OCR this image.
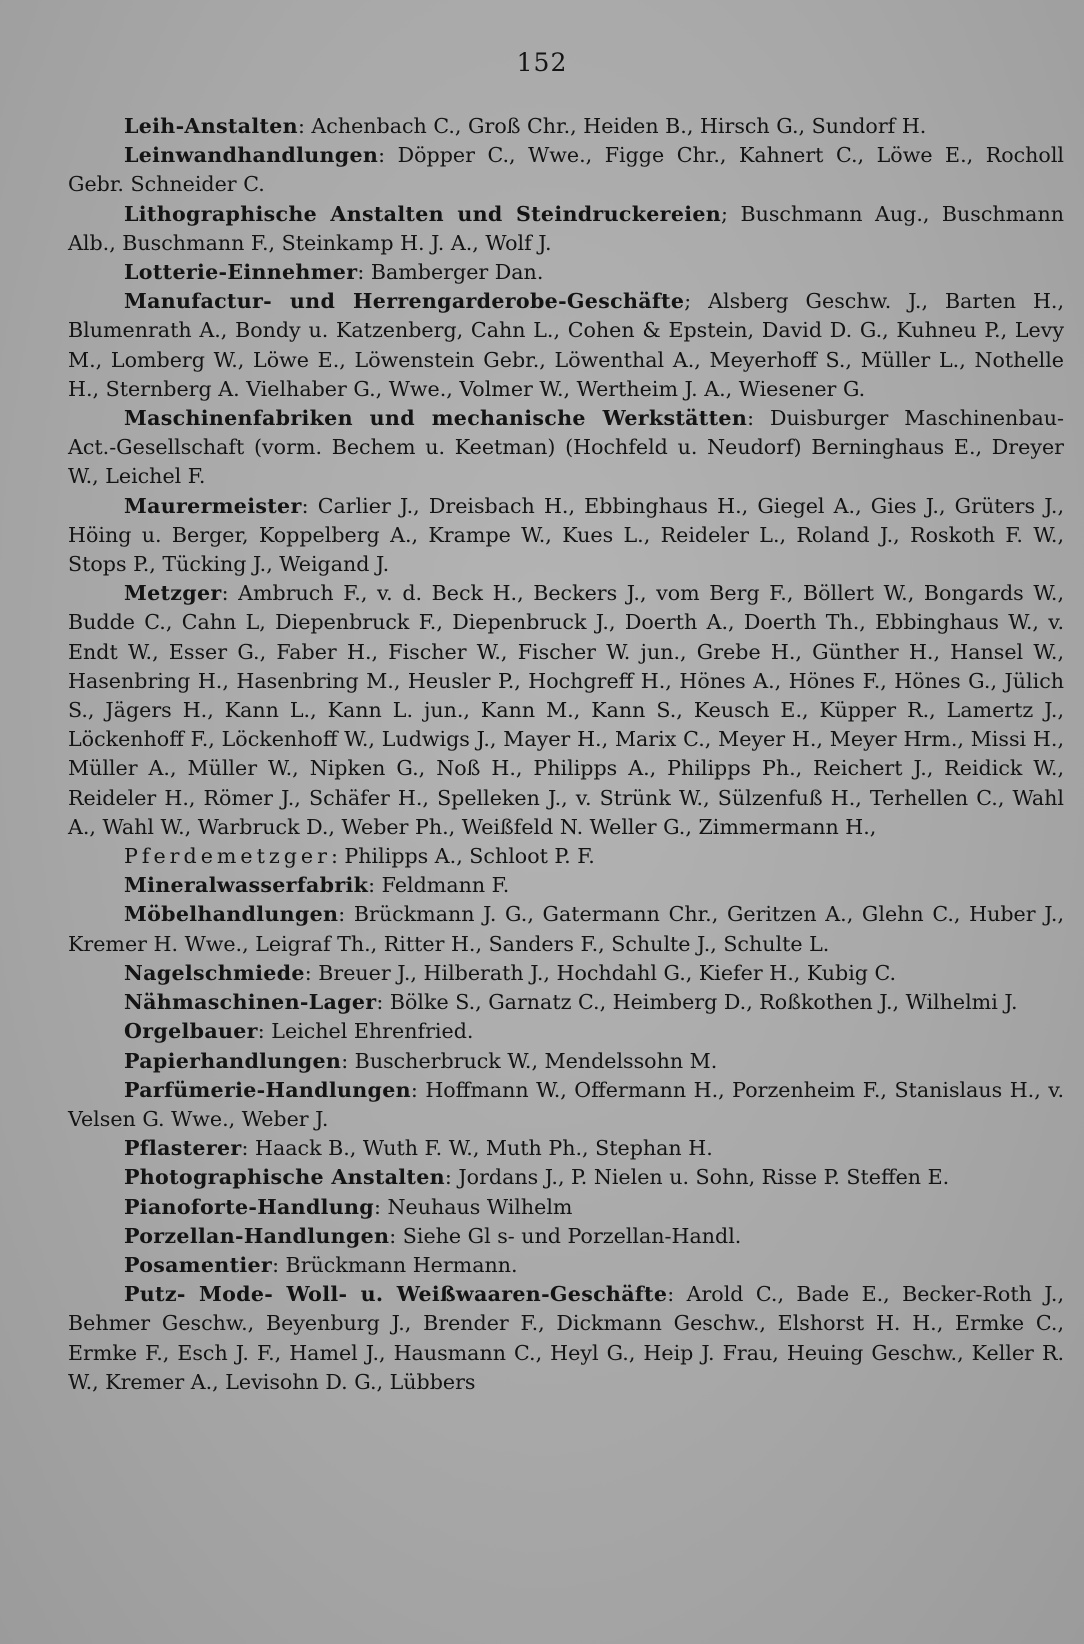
152

Leih-Anstalten: Achenbach C., Groß Chr., Heiden B., Hirsch G., Sundorf H.

Leinwandhandlungen: Döpper C., Wwe., Figge Chr., Kahnert C., Löwe E., Rocholl Gebr. Schneider C.

Lithographische Anstalten und Steindruckereien; Buschmann Aug., Buschmann Alb., Buschmann F., Steinkamp H. J. A., Wolf J.

Lotterie-Einnehmer: Bamberger Dan.

Manufactur- und Herrengarderobe-Geschäfte; Alsberg Geschw. J., Barten H., Blumenrath A., Bondy u. Katzenberg, Cahn L., Cohen & Epstein, David D. G., Kuhneu P., Levy M., Lomberg W., Löwe E., Löwenstein Gebr., Löwenthal A., Meyerhoff S., Müller L., Nothelle H., Sternberg A. Vielhaber G., Wwe., Volmer W., Wertheim J. A., Wiesener G.

Maschinenfabriken und mechanische Werkstätten: Duisburger Maschinenbau-Act.-Gesellschaft (vorm. Bechem u. Keetman) (Hochfeld u. Neudorf) Berninghaus E., Dreyer W., Leichel F.

Maurermeister: Carlier J., Dreisbach H., Ebbinghaus H., Giegel A., Gies J., Grüters J., Höing u. Berger, Koppelberg A., Krampe W., Kues L., Reideler L., Roland J., Roskoth F. W., Stops P., Tücking J., Weigand J.

Metzger: Ambruch F., v. d. Beck H., Beckers J., vom Berg F., Böllert W., Bongards W., Budde C., Cahn L, Diepenbruck F., Diepenbruck J., Doerth A., Doerth Th., Ebbinghaus W., v. Endt W., Esser G., Faber H., Fischer W., Fischer W. jun., Grebe H., Günther H., Hansel W., Hasenbring H., Hasenbring M., Heusler P., Hochgreff H., Hönes A., Hönes F., Hönes G., Jülich S., Jägers H., Kann L., Kann L. jun., Kann M., Kann S., Keusch E., Küpper R., Lamertz J., Löckenhoff F., Löckenhoff W., Ludwigs J., Mayer H., Marix C., Meyer H., Meyer Hrm., Missi H., Müller A., Müller W., Nipken G., Noß H., Philipps A., Philipps Ph., Reichert J., Reidick W., Reideler H., Römer J., Schäfer H., Spelleken J., v. Strünk W., Sülzenfuß H., Terhellen C., Wahl A., Wahl W., Warbruck D., Weber Ph., Weißfeld N. Weller G., Zimmermann H.,

Pferdemetzger: Philipps A., Schloot P. F.

Mineralwasserfabrik: Feldmann F.

Möbelhandlungen: Brückmann J. G., Gatermann Chr., Geritzen A., Glehn C., Huber J., Kremer H. Wwe., Leigraf Th., Ritter H., Sanders F., Schulte J., Schulte L.

Nagelschmiede: Breuer J., Hilberath J., Hochdahl G., Kiefer H., Kubig C.

Nähmaschinen-Lager: Bölke S., Garnatz C., Heimberg D., Roßkothen J., Wilhelmi J.

Orgelbauer: Leichel Ehrenfried.

Papierhandlungen: Buscherbruck W., Mendelssohn M.

Parfümerie-Handlungen: Hoffmann W., Offermann H., Porzenheim F., Stanislaus H., v. Velsen G. Wwe., Weber J.

Pflasterer: Haack B., Wuth F. W., Muth Ph., Stephan H.

Photographische Anstalten: Jordans J., P. Nielen u. Sohn, Risse P. Steffen E.

Pianoforte-Handlung: Neuhaus Wilhelm

Porzellan-Handlungen: Siehe Gl s- und Porzellan-Handl.

Posamentier: Brückmann Hermann.

Putz- Mode- Woll- u. Weißwaaren-Geschäfte: Arold C., Bade E., Becker-Roth J., Behmer Geschw., Beyenburg J., Brender F., Dickmann Geschw., Elshorst H. H., Ermke C., Ermke F., Esch J. F., Hamel J., Hausmann C., Heyl G., Heip J. Frau, Heuing Geschw., Keller R. W., Kremer A., Levisohn D. G., Lübbers
